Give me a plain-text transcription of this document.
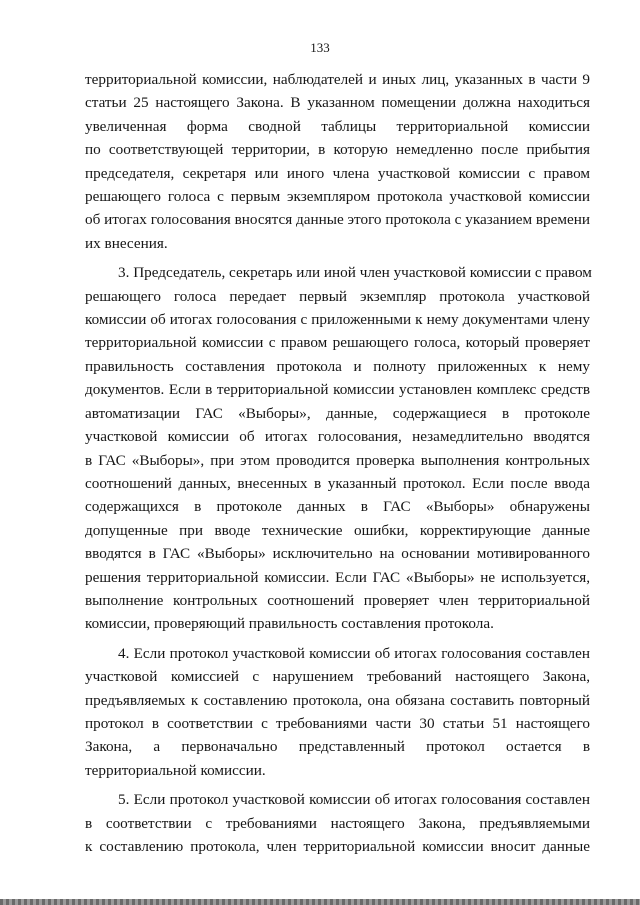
133
территориальной комиссии, наблюдателей и иных лиц, указанных в части 9
статьи 25 настоящего Закона. В указанном помещении должна находиться
увеличенная форма сводной таблицы территориальной комиссии
по соответствующей территории, в которую немедленно после прибытия
председателя, секретаря или иного члена участковой комиссии с правом
решающего голоса с первым экземпляром протокола участковой комиссии
об итогах голосования вносятся данные этого протокола с указанием времени
их внесения.
3. Председатель, секретарь или иной член участковой комиссии с правом
решающего голоса передает первый экземпляр протокола участковой
комиссии об итогах голосования с приложенными к нему документами члену
территориальной комиссии с правом решающего голоса, который проверяет
правильность составления протокола и полноту приложенных к нему
документов. Если в территориальной комиссии установлен комплекс средств
автоматизации ГАС «Выборы», данные, содержащиеся в протоколе
участковой комиссии об итогах голосования, незамедлительно вводятся
в ГАС «Выборы», при этом проводится проверка выполнения контрольных
соотношений данных, внесенных в указанный протокол. Если после ввода
содержащихся в протоколе данных в ГАС «Выборы» обнаружены
допущенные при вводе технические ошибки, корректирующие данные
вводятся в ГАС «Выборы» исключительно на основании мотивированного
решения территориальной комиссии. Если ГАС «Выборы» не используется,
выполнение контрольных соотношений проверяет член территориальной
комиссии, проверяющий правильность составления протокола.
4. Если протокол участковой комиссии об итогах голосования составлен
участковой комиссией с нарушением требований настоящего Закона,
предъявляемых к составлению протокола, она обязана составить повторный
протокол в соответствии с требованиями части 30 статьи 51 настоящего
Закона, а первоначально представленный протокол остается в
территориальной комиссии.
5. Если протокол участковой комиссии об итогах голосования составлен
в соответствии с требованиями настоящего Закона, предъявляемыми
к составлению протокола, член территориальной комиссии вносит данные
